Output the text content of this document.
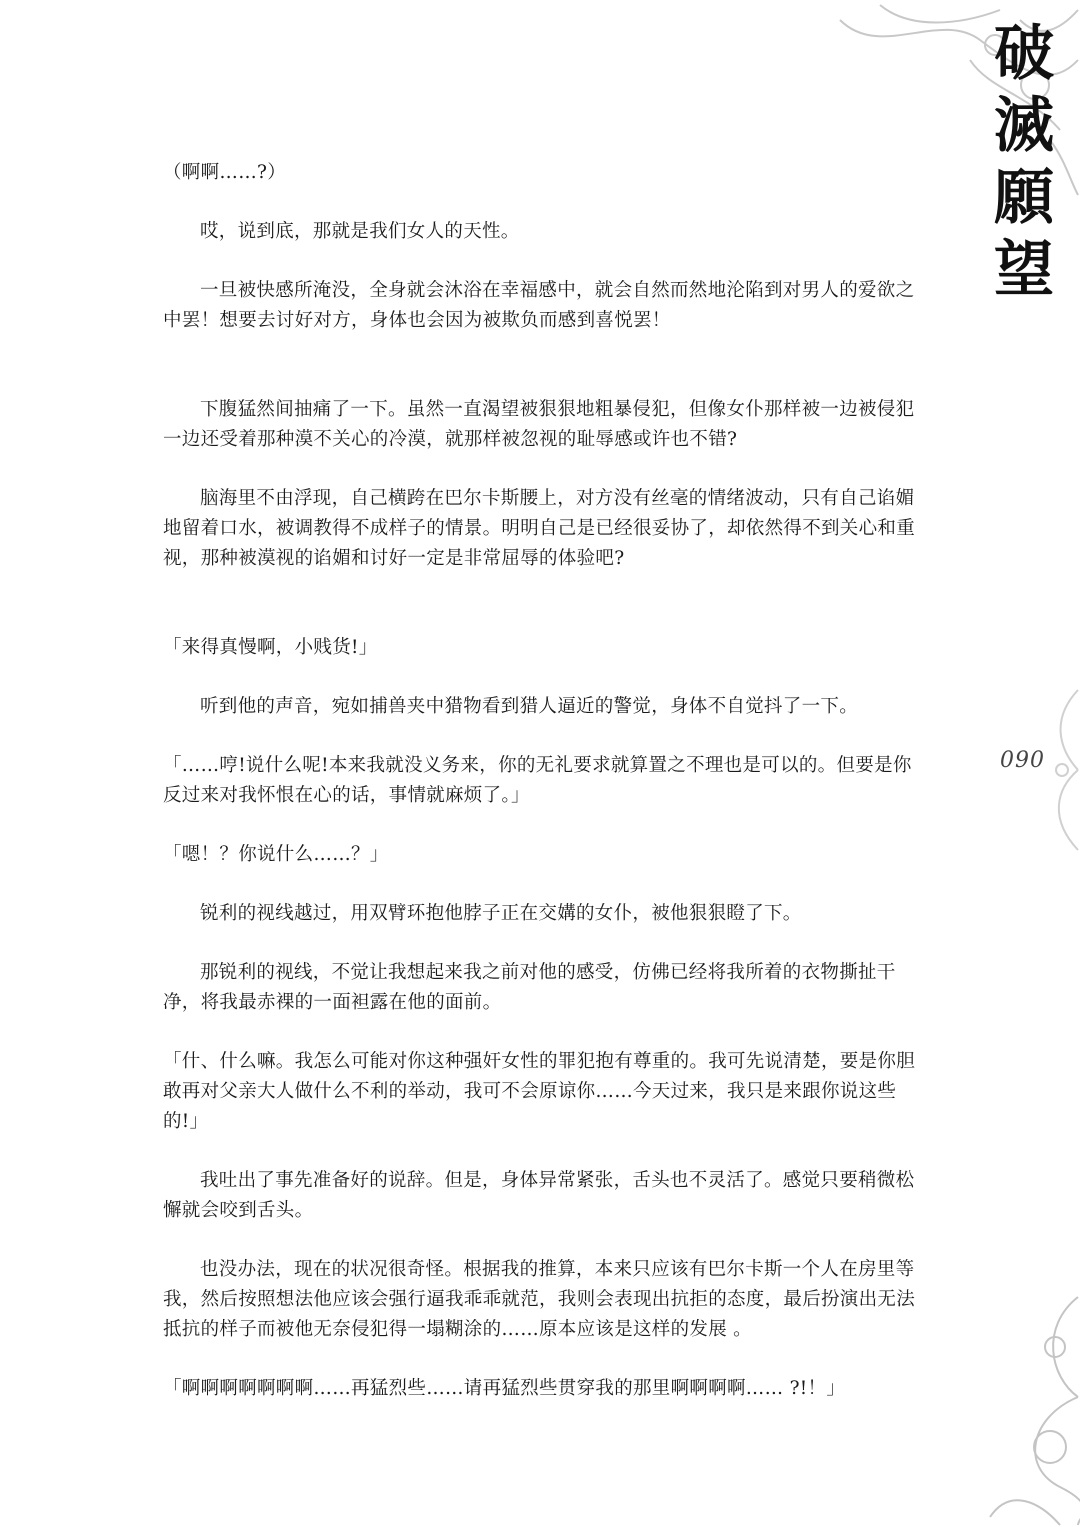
破滅願望
090

（啊啊……?）

哎，说到底，那就是我们女人的天性。

一旦被快感所淹没，全身就会沐浴在幸福感中，就会自然而然地沦陷到对男人的爱欲之中罢！想要去讨好对方，身体也会因为被欺负而感到喜悦罢！

下腹猛然间抽痛了一下。虽然一直渴望被狠狠地粗暴侵犯，但像女仆那样被一边被侵犯一边还受着那种漠不关心的冷漠，就那样被忽视的耻辱感或许也不错?

脑海里不由浮现，自己横跨在巴尔卡斯腰上，对方没有丝毫的情绪波动，只有自己谄媚地留着口水，被调教得不成样子的情景。明明自己是已经很妥协了，却依然得不到关心和重视，那种被漠视的谄媚和讨好一定是非常屈辱的体验吧?

「来得真慢啊，小贱货!」

听到他的声音，宛如捕兽夹中猎物看到猎人逼近的警觉，身体不自觉抖了一下。

「……哼!说什么呢!本来我就没义务来，你的无礼要求就算置之不理也是可以的。但要是你反过来对我怀恨在心的话，事情就麻烦了。」

「嗯！？你说什么……？」

锐利的视线越过，用双臂环抱他脖子正在交媾的女仆，被他狠狠瞪了下。

那锐利的视线，不觉让我想起来我之前对他的感受，仿佛已经将我所着的衣物撕扯干净，将我最赤裸的一面袒露在他的面前。

「什、什么嘛。我怎么可能对你这种强奸女性的罪犯抱有尊重的。我可先说清楚，要是你胆敢再对父亲大人做什么不利的举动，我可不会原谅你……今天过来，我只是来跟你说这些的!」

我吐出了事先准备好的说辞。但是，身体异常紧张，舌头也不灵活了。感觉只要稍微松懈就会咬到舌头。

也没办法，现在的状况很奇怪。根据我的推算，本来只应该有巴尔卡斯一个人在房里等我，然后按照想法他应该会强行逼我乖乖就范，我则会表现出抗拒的态度，最后扮演出无法抵抗的样子而被他无奈侵犯得一塌糊涂的……原本应该是这样的发展 。

「啊啊啊啊啊啊啊……再猛烈些……请再猛烈些贯穿我的那里啊啊啊啊…… ?!！」
